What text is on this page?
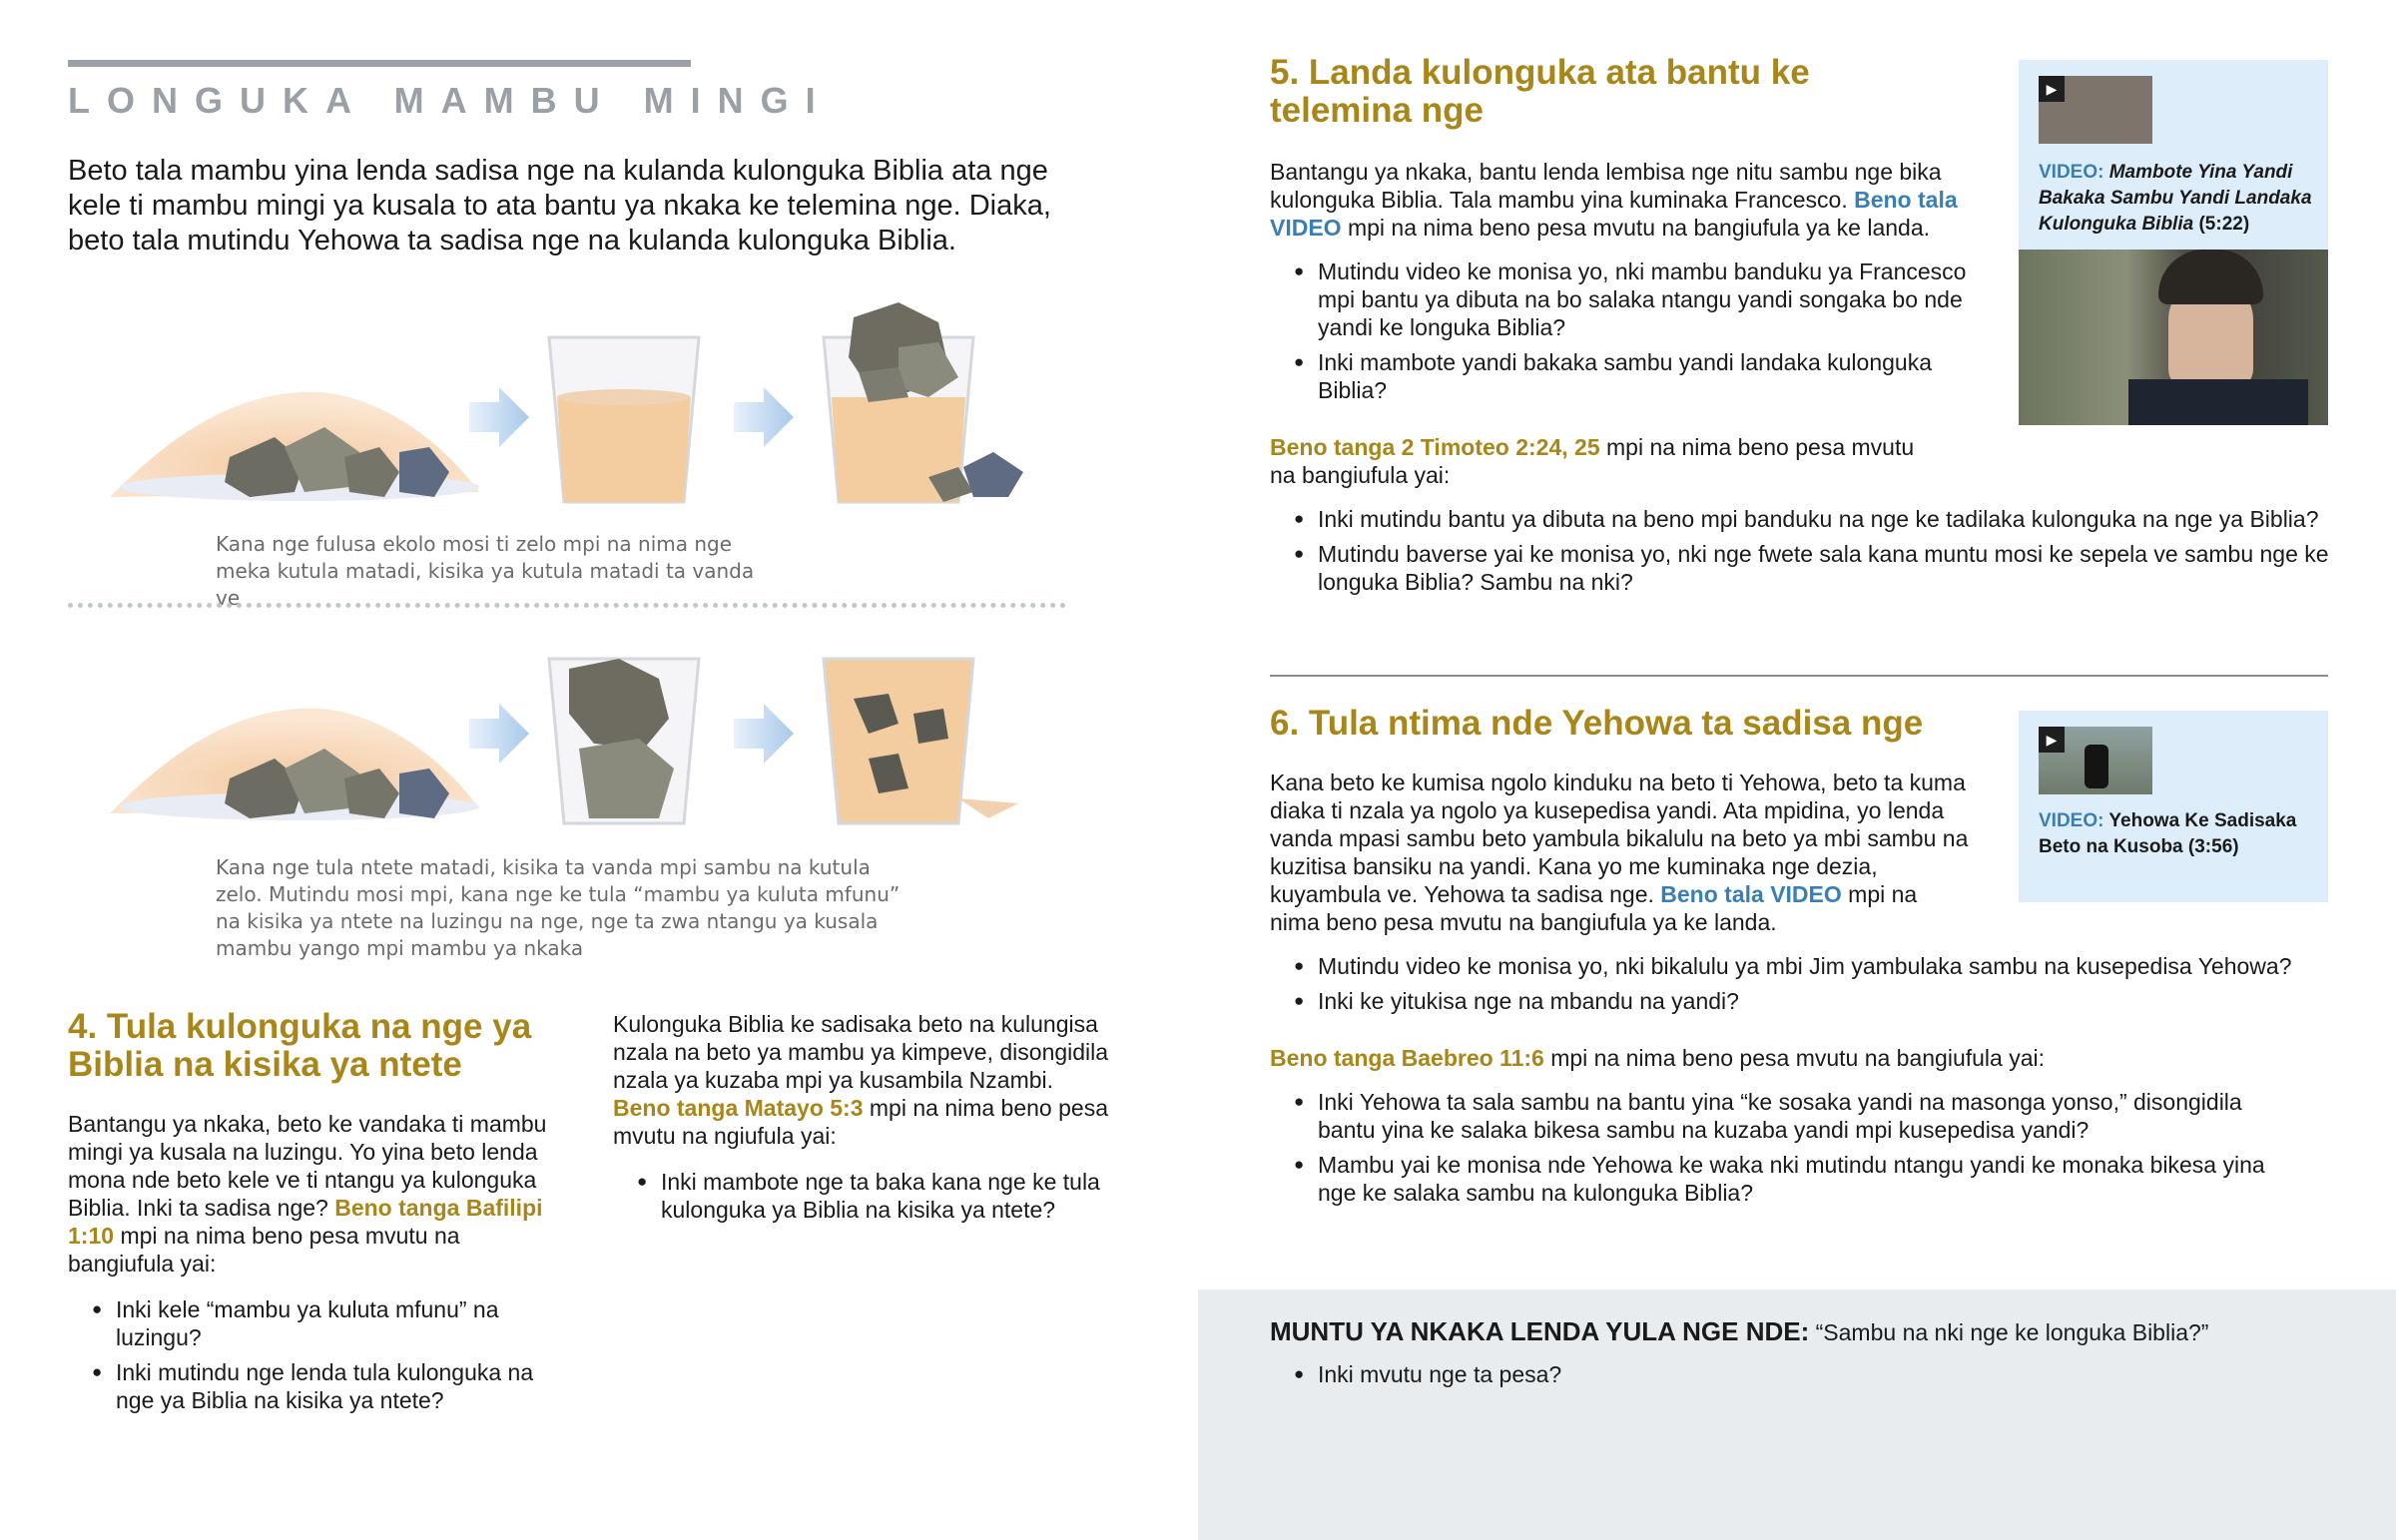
LONGUKA MAMBU MINGI

Beto tala mambu yina lenda sadisa nge na kulanda kulonguka Biblia ata nge kele ti mambu mingi ya kusala to ata bantu ya nkaka ke telemina nge. Diaka, beto tala mutindu Yehowa ta sadisa nge na kulanda kulonguka Biblia.

Kana nge fulusa ekolo mosi ti zelo mpi na nima nge meka kutula matadi, kisika ya kutula matadi ta vanda ve
Kana nge tula ntete matadi, kisika ta vanda mpi sambu na kutula zelo. Mutindu mosi mpi, kana nge ke tula “mambu ya kuluta mfunu” na kisika ya ntete na luzingu na nge, nge ta zwa ntangu ya kusala mambu yango mpi mambu ya nkaka
4. Tula kulonguka na nge ya Biblia na kisika ya ntete

Bantangu ya nkaka, beto ke vandaka ti mambu mingi ya kusala na luzingu. Yo yina beto lenda mona nde beto kele ve ti ntangu ya kulonguka Biblia. Inki ta sadisa nge? Beno tanga Bafilipi 1:10 mpi na nima beno pesa mvutu na bangiufula yai:

● Inki kele “mambu ya kuluta mfunu” na luzingu?
● Inki mutindu nge lenda tula kulonguka na nge ya Biblia na kisika ya ntete?

Kulonguka Biblia ke sadisaka beto na kulungisa nzala na beto ya mambu ya kimpeve, disongidila nzala ya kuzaba mpi ya kusambila Nzambi. Beno tanga Matayo 5:3 mpi na nima beno pesa mvutu na ngiufula yai:

● Inki mambote nge ta baka kana nge ke tula kulonguka ya Biblia na kisika ya ntete?
5. Landa kulonguka ata bantu ke telemina nge

Bantangu ya nkaka, bantu lenda lembisa nge nitu sambu nge bika kulonguka Biblia. Tala mambu yina kuminaka Francesco. Beno tala VIDEO mpi na nima beno pesa mvutu na bangiufula ya ke landa.

● Mutindu video ke monisa yo, nki mambu banduku ya Francesco mpi bantu ya dibuta na bo salaka ntangu yandi songaka bo nde yandi ke longuka Biblia?
● Inki mambote yandi bakaka sambu yandi landaka kulonguka Biblia?
▶
VIDEO: Mambote Yina Yandi Bakaka Sambu Yandi Landaka Kulonguka Biblia (5:22)

Beno tanga 2 Timoteo 2:24, 25 mpi na nima beno pesa mvutu na bangiufula yai:

● Inki mutindu bantu ya dibuta na beno mpi banduku na nge ke tadilaka kulonguka na nge ya Biblia?
● Mutindu baverse yai ke monisa yo, nki nge fwete sala kana muntu mosi ke sepela ve sambu nge ke longuka Biblia? Sambu na nki?
6. Tula ntima nde Yehowa ta sadisa nge

Kana beto ke kumisa ngolo kinduku na beto ti Yehowa, beto ta kuma diaka ti nzala ya ngolo ya kusepedisa yandi. Ata mpidina, yo lenda vanda mpasi sambu beto yambula bikalulu na beto ya mbi sambu na kuzitisa bansiku na yandi. Kana yo me kuminaka nge dezia, kuyambula ve. Yehowa ta sadisa nge. Beno tala VIDEO mpi na nima beno pesa mvutu na bangiufula ya ke landa.

● Mutindu video ke monisa yo, nki bikalulu ya mbi Jim yambulaka sambu na kusepedisa Yehowa?
● Inki ke yitukisa nge na mbandu na yandi?
▶
VIDEO: Yehowa Ke Sadisaka Beto na Kusoba (3:56)

Beno tanga Baebreo 11:6 mpi na nima beno pesa mvutu na bangiufula yai:

● Inki Yehowa ta sala sambu na bantu yina “ke sosaka yandi na masonga yonso,” disongidila bantu yina ke salaka bikesa sambu na kuzaba yandi mpi kusepedisa yandi?
● Mambu yai ke monisa nde Yehowa ke waka nki mutindu ntangu yandi ke monaka bikesa yina nge ke salaka sambu na kulonguka Biblia?

MUNTU YA NKAKA LENDA YULA NGE NDE: “Sambu na nki nge ke longuka Biblia?”

● Inki mvutu nge ta pesa?
